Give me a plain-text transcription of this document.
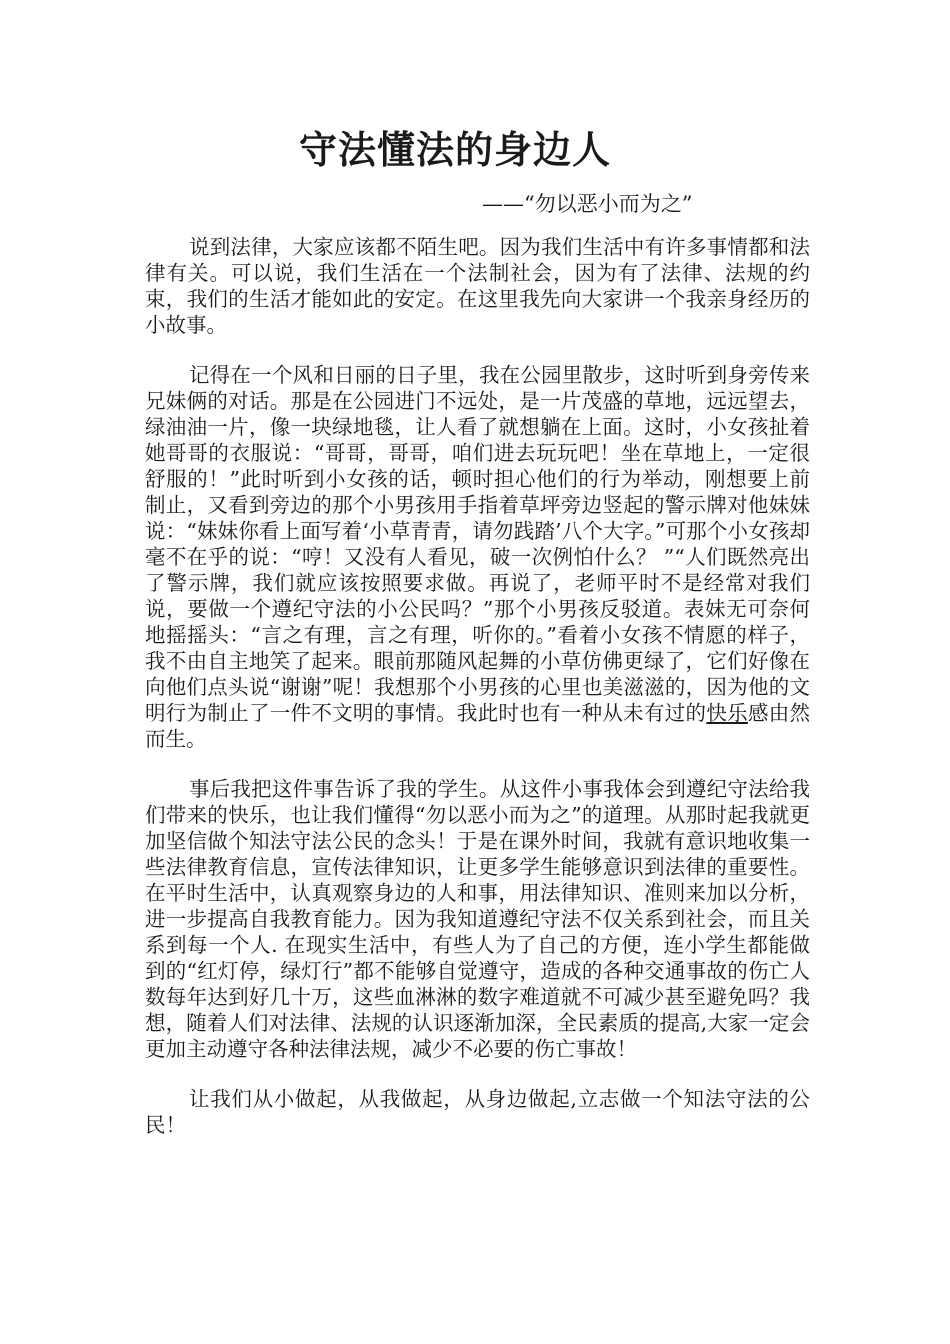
守法懂法的身边人

——“勿以恶小而为之”

说到法律，大家应该都不陌生吧。因为我们生活中有许多事情都和法律有关。可以说，我们生活在一个法制社会，因为有了法律、法规的约束，我们的生活才能如此的安定。在这里我先向大家讲一个我亲身经历的小故事。

记得在一个风和日丽的日子里，我在公园里散步，这时听到身旁传来兄妹俩的对话。那是在公园进门不远处，是一片茂盛的草地，远远望去，绿油油一片，像一块绿地毯，让人看了就想躺在上面。这时，小女孩扯着她哥哥的衣服说：“哥哥，哥哥，咱们进去玩玩吧！坐在草地上，一定很舒服的！”此时听到小女孩的话，顿时担心他们的行为举动，刚想要上前制止，又看到旁边的那个小男孩用手指着草坪旁边竖起的警示牌对他妹妹说：“妹妹你看上面写着‘小草青青，请勿践踏’八个大字。”可那个小女孩却毫不在乎的说：“哼！又没有人看见，破一次例怕什么？ ”“人们既然亮出了警示牌，我们就应该按照要求做。再说了，老师平时不是经常对我们说，要做一个遵纪守法的小公民吗？”那个小男孩反驳道。表妹无可奈何地摇摇头：“言之有理，言之有理，听你的。”看着小女孩不情愿的样子，我不由自主地笑了起来。眼前那随风起舞的小草仿佛更绿了，它们好像在向他们点头说“谢谢”呢！我想那个小男孩的心里也美滋滋的，因为他的文明行为制止了一件不文明的事情。我此时也有一种从未有过的快乐感由然而生。

事后我把这件事告诉了我的学生。从这件小事我体会到遵纪守法给我们带来的快乐，也让我们懂得“勿以恶小而为之”的道理。从那时起我就更加坚信做个知法守法公民的念头！于是在课外时间，我就有意识地收集一些法律教育信息，宣传法律知识，让更多学生能够意识到法律的重要性。在平时生活中，认真观察身边的人和事，用法律知识、准则来加以分析，进一步提高自我教育能力。因为我知道遵纪守法不仅关系到社会，而且关系到每一个人. 在现实生活中，有些人为了自己的方便，连小学生都能做到的“红灯停，绿灯行”都不能够自觉遵守，造成的各种交通事故的伤亡人数每年达到好几十万，这些血淋淋的数字难道就不可减少甚至避免吗？我想，随着人们对法律、法规的认识逐渐加深，全民素质的提高,大家一定会更加主动遵守各种法律法规，减少不必要的伤亡事故！

让我们从小做起，从我做起，从身边做起,立志做一个知法守法的公民！
